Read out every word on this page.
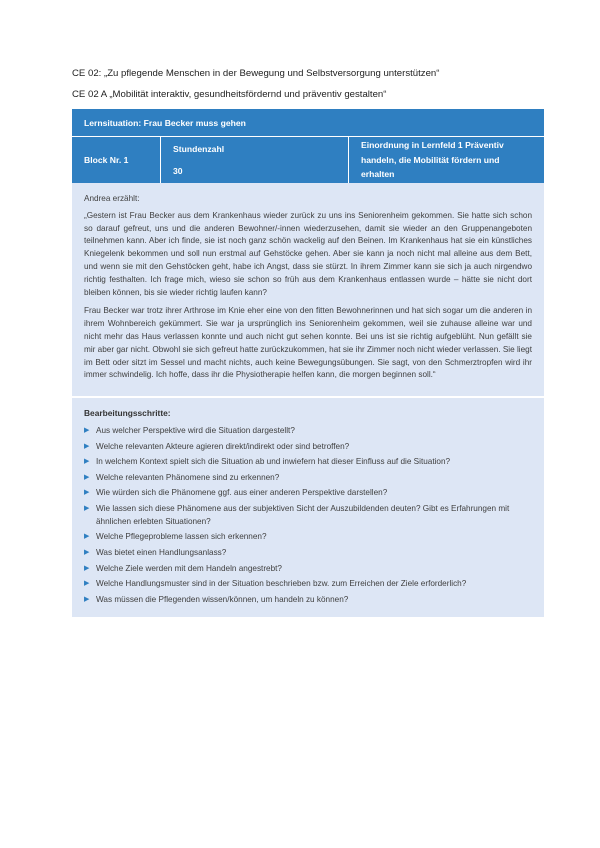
CE 02: „Zu pflegende Menschen in der Bewegung und Selbstversorgung unterstützen“
CE 02 A „Mobilität interaktiv, gesundheitsfördernd und präventiv gestalten“
Lernsituation: Frau Becker muss gehen
Block Nr. 1
Stundenzahl
30
Einordnung in Lernfeld 1 Präventiv handeln, die Mobilität fördern und erhalten

Andrea erzählt:

„Gestern ist Frau Becker aus dem Krankenhaus wieder zurück zu uns ins Seniorenheim gekommen. Sie hatte sich schon so darauf gefreut, uns und die anderen Bewohner/-innen wiederzusehen, damit sie wieder an den Gruppenangeboten teilnehmen kann. Aber ich finde, sie ist noch ganz schön wackelig auf den Beinen. Im Krankenhaus hat sie ein künstliches Kniegelenk bekommen und soll nun erstmal auf Gehstöcke gehen. Aber sie kann ja noch nicht mal alleine aus dem Bett, und wenn sie mit den Gehstöcken geht, habe ich Angst, dass sie stürzt. In ihrem Zimmer kann sie sich ja auch nirgendwo richtig festhalten. Ich frage mich, wieso sie schon so früh aus dem Krankenhaus entlassen wurde – hätte sie nicht dort bleiben können, bis sie wieder richtig laufen kann?

Frau Becker war trotz ihrer Arthrose im Knie eher eine von den fitten Bewohnerinnen und hat sich sogar um die anderen in ihrem Wohnbereich gekümmert. Sie war ja ursprünglich ins Seniorenheim gekommen, weil sie zuhause alleine war und nicht mehr das Haus verlassen konnte und auch nicht gut sehen konnte. Bei uns ist sie richtig aufgeblüht. Nun gefällt sie mir aber gar nicht. Obwohl sie sich gefreut hatte zurückzukommen, hat sie ihr Zimmer noch nicht wieder verlassen. Sie liegt im Bett oder sitzt im Sessel und macht nichts, auch keine Bewegungsübungen. Sie sagt, von den Schmerztropfen wird ihr immer schwindelig. Ich hoffe, dass ihr die Physiotherapie helfen kann, die morgen beginnen soll.“

Bearbeitungsschritte:
▶ Aus welcher Perspektive wird die Situation dargestellt?
▶ Welche relevanten Akteure agieren direkt/indirekt oder sind betroffen?
▶ In welchem Kontext spielt sich die Situation ab und inwiefern hat dieser Einfluss auf die Situation?
▶ Welche relevanten Phänomene sind zu erkennen?
▶ Wie würden sich die Phänomene ggf. aus einer anderen Perspektive darstellen?
▶ Wie lassen sich diese Phänomene aus der subjektiven Sicht der Auszubildenden deuten? Gibt es Erfahrungen mit ähnlichen erlebten Situationen?
▶ Welche Pflegeprobleme lassen sich erkennen?
▶ Was bietet einen Handlungsanlass?
▶ Welche Ziele werden mit dem Handeln angestrebt?
▶ Welche Handlungsmuster sind in der Situation beschrieben bzw. zum Erreichen der Ziele erforderlich?
▶ Was müssen die Pflegenden wissen/können, um handeln zu können?
